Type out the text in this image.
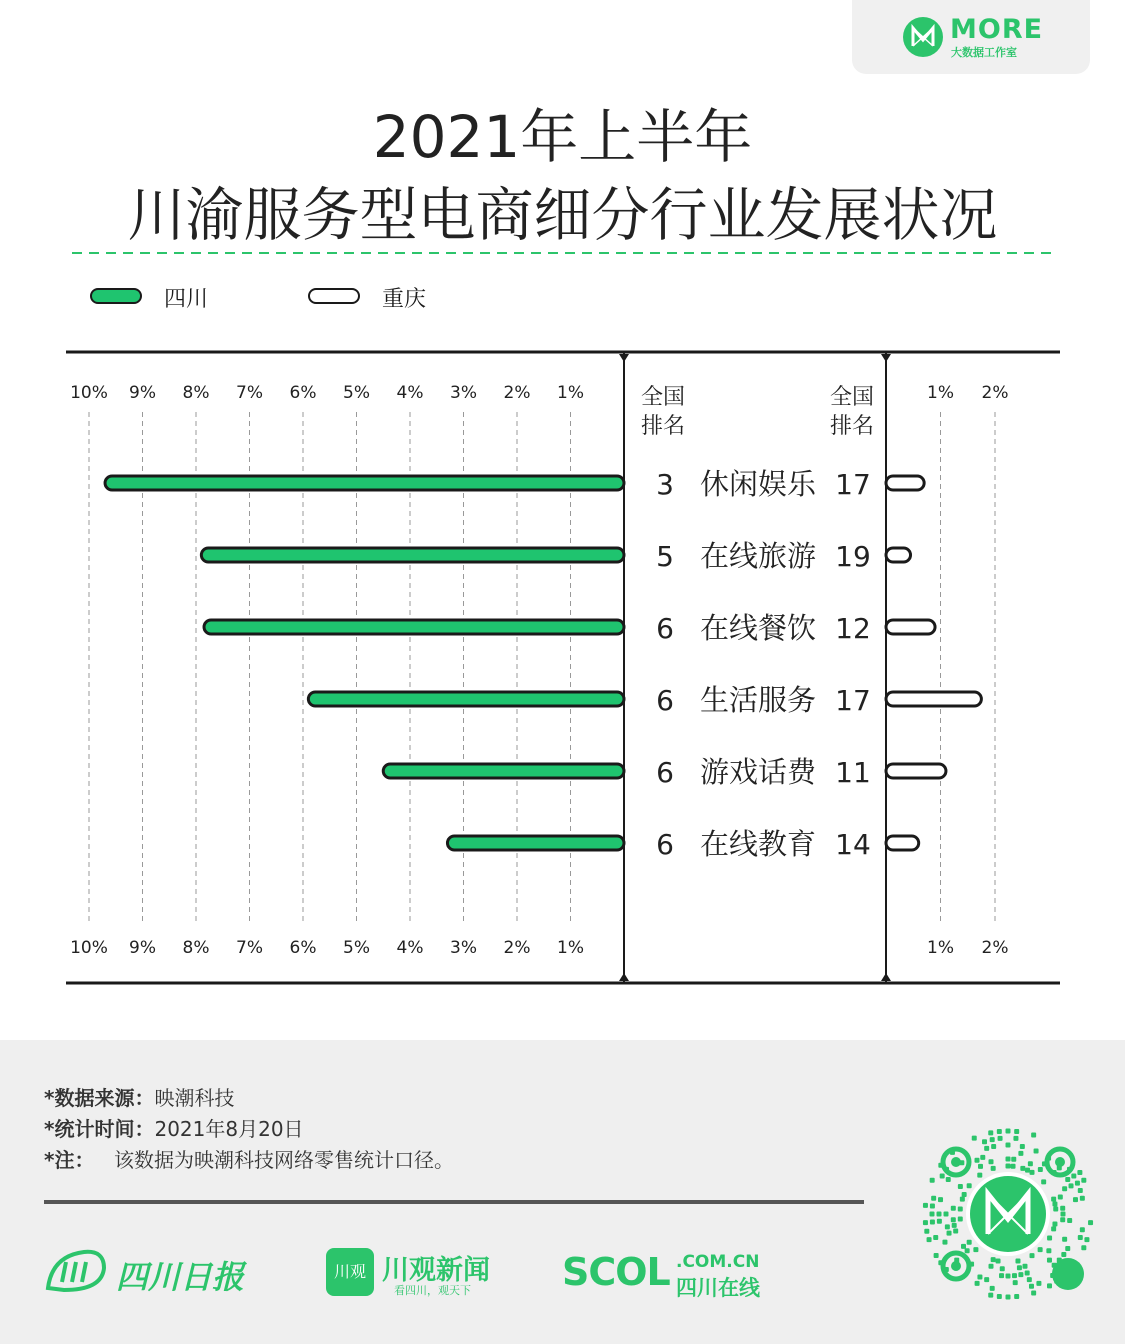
MORE
大数据工作室
2021年上半年
川渝服务型电商细分行业发展状况
四川	重庆
10%
10%
9%
9%
8%
8%
7%
7%
6%
6%
5%
5%
4%
4%
3%
3%
2%
2%
1%
1%
1%
1%
2%
2%
全国
排名
全国
排名
3 休闲娱乐 17
5 在线旅游 19
6 在线餐饮 12
6 生活服务 17
6 游戏话费 11
6 在线教育 14
*数据来源：映潮科技
*统计时间：2021年8月20日
*注： 该数据为映潮科技网络零售统计口径。
四川日报	川观 川观新闻
看四川，观天下 SCOL .COM.CN
四川在线
